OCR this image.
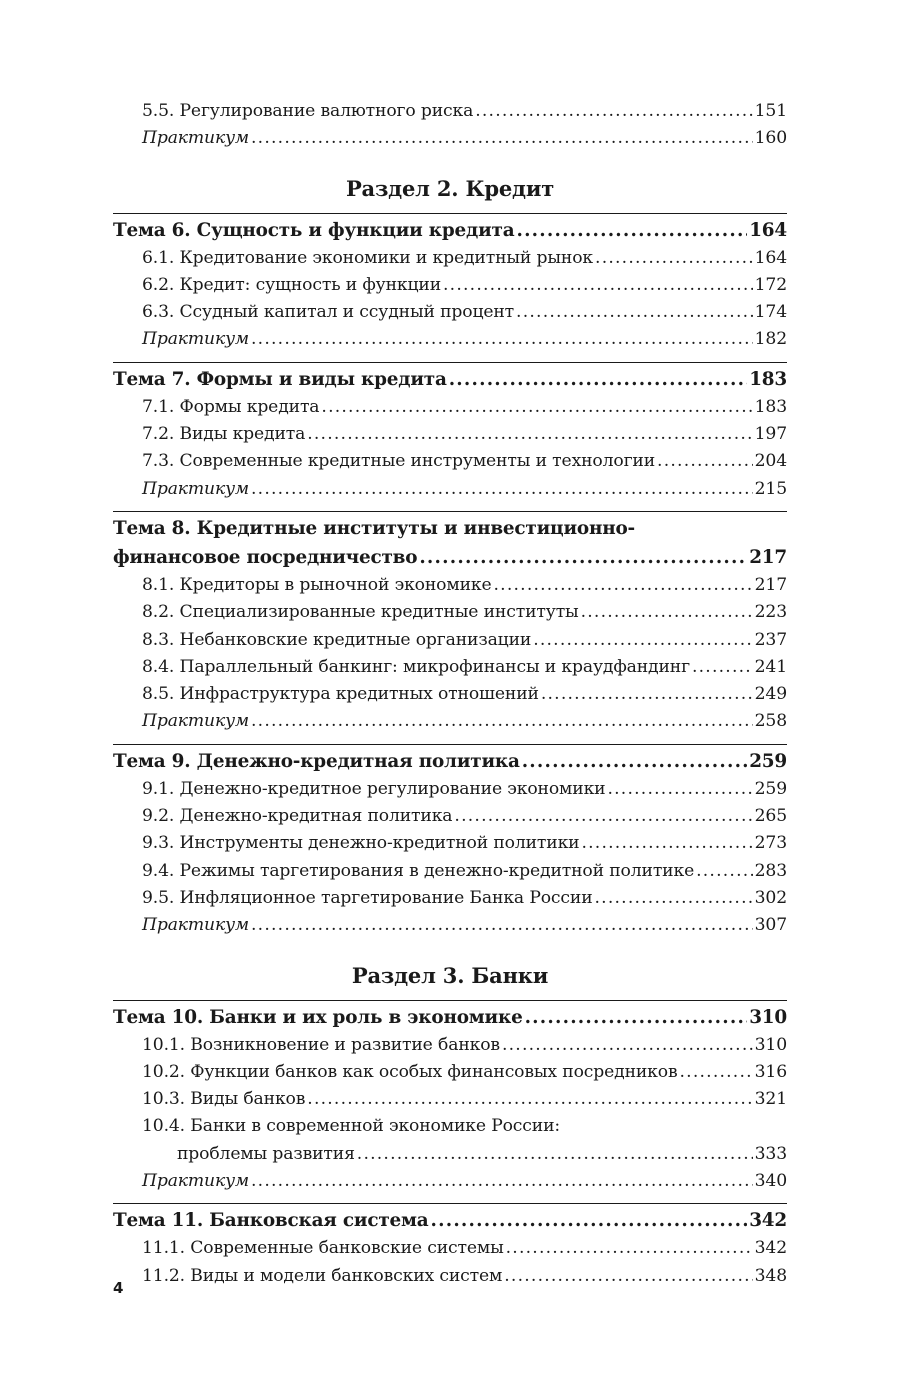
5.5. Регулирование валютного риска .....	151
Практикум .....	160
Раздел 2. Кредит
Тема 6. Сущность и функции кредита .....	164
6.1. Кредитование экономики и кредитный рынок .....	164
6.2. Кредит: сущность и функции .....	172
6.3. Ссудный капитал и ссудный процент .....	174
Практикум .....	182
Тема 7. Формы и виды кредита .....	183
7.1. Формы кредита .....	183
7.2. Виды кредита .....	197
7.3. Современные кредитные инструменты и технологии .....	204
Практикум .....	215
Тема 8. Кредитные институты и инвестиционно-
финансовое посредничество .....	217
8.1. Кредиторы в рыночной экономике .....	217
8.2. Специализированные кредитные институты .....	223
8.3. Небанковские кредитные организации .....	237
8.4. Параллельный банкинг: микрофинансы и краудфандинг .....	241
8.5. Инфраструктура кредитных отношений .....	249
Практикум .....	258
Тема 9. Денежно-кредитная политика .....	259
9.1. Денежно-кредитное регулирование экономики .....	259
9.2. Денежно-кредитная политика .....	265
9.3. Инструменты денежно-кредитной политики .....	273
9.4. Режимы таргетирования в денежно-кредитной политике .....	283
9.5. Инфляционное таргетирование Банка России .....	302
Практикум .....	307
Раздел 3. Банки
Тема 10. Банки и их роль в экономике .....	310
10.1. Возникновение и развитие банков .....	310
10.2. Функции банков как особых финансовых посредников .....	316
10.3. Виды банков .....	321
10.4. Банки в современной экономике России:
проблемы развития .....	333
Практикум .....	340
Тема 11. Банковская система .....	342
11.1. Современные банковские системы .....	342
11.2. Виды и модели банковских систем .....	348
4
